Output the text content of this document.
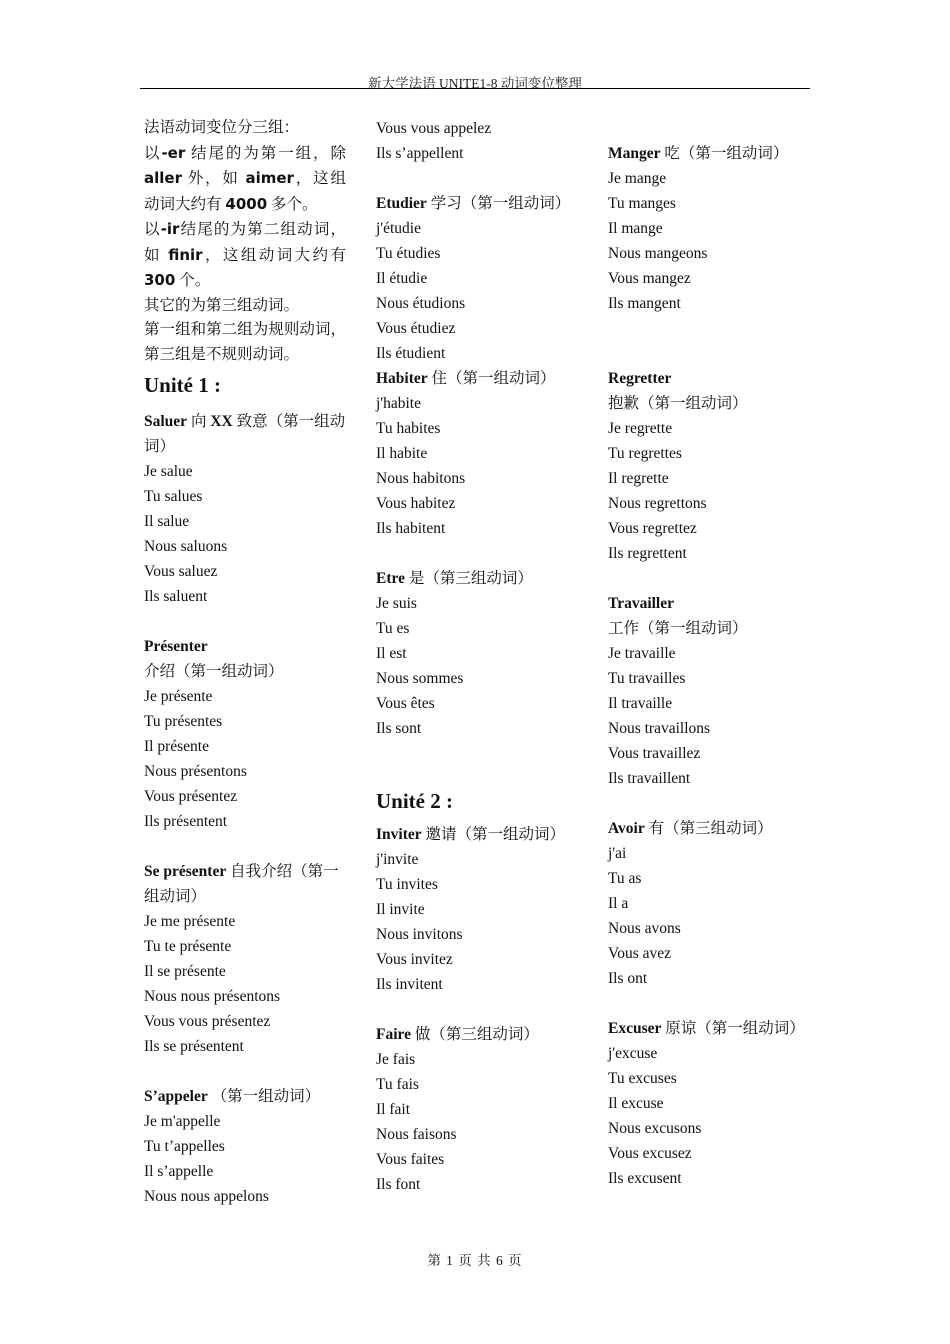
新大学法语 UNITE1-8 动词变位整理
法语动词变位分三组：
以-er 结尾的为第一组，除 aller 外，如 aimer，这组动词大约有 4000 多个。
以-ir结尾的为第二组动词，如 finir，这组动词大约有 300 个。
其它的为第三组动词。
第一组和第二组为规则动词，第三组是不规则动词。
Unité 1 :
Saluer 向 XX 致意（第一组动词）
Je salue
Tu salues
Il salue
Nous saluons
Vous saluez
Ils saluent
Présenter 介绍（第一组动词）
Je présente
Tu présentes
Il présente
Nous présentons
Vous présentez
Ils présentent
Se présenter 自我介绍（第一组动词）
Je me présente
Tu te présente
Il se présente
Nous nous présentons
Vous vous présentez
Ils se présentent
S’appeler （第一组动词）
Je m'appelle
Tu t’appelles
Il s’appelle
Nous nous appelons
Vous vous appelez
Ils s’appellent
Etudier 学习（第一组动词）
j'étudie
Tu étudies
Il étudie
Nous étudions
Vous étudiez
Ils étudient
Habiter 住（第一组动词）
j'habite
Tu habites
Il habite
Nous habitons
Vous habitez
Ils habitent
Etre 是（第三组动词）
Je suis
Tu es
Il est
Nous sommes
Vous êtes
Ils sont
Unité 2 :
Inviter 邀请（第一组动词）
j'invite
Tu invites
Il invite
Nous invitons
Vous invitez
Ils invitent
Faire 做（第三组动词）
Je fais
Tu fais
Il fait
Nous faisons
Vous faites
Ils font
Manger 吃（第一组动词）
Je mange
Tu manges
Il mange
Nous mangeons
Vous mangez
Ils mangent
Regretter 抱歉（第一组动词）
Je regrette
Tu regrettes
Il regrette
Nous regrettons
Vous regrettez
Ils regrettent
Travailler 工作（第一组动词）
Je travaille
Tu travailles
Il travaille
Nous travaillons
Vous travaillez
Ils travaillent
Avoir 有（第三组动词）
j'ai
Tu as
Il a
Nous avons
Vous avez
Ils ont
Excuser 原谅（第一组动词）
j'excuse
Tu excuses
Il excuse
Nous excusons
Vous excusez
Ils excusent
第 1 页 共 6 页
